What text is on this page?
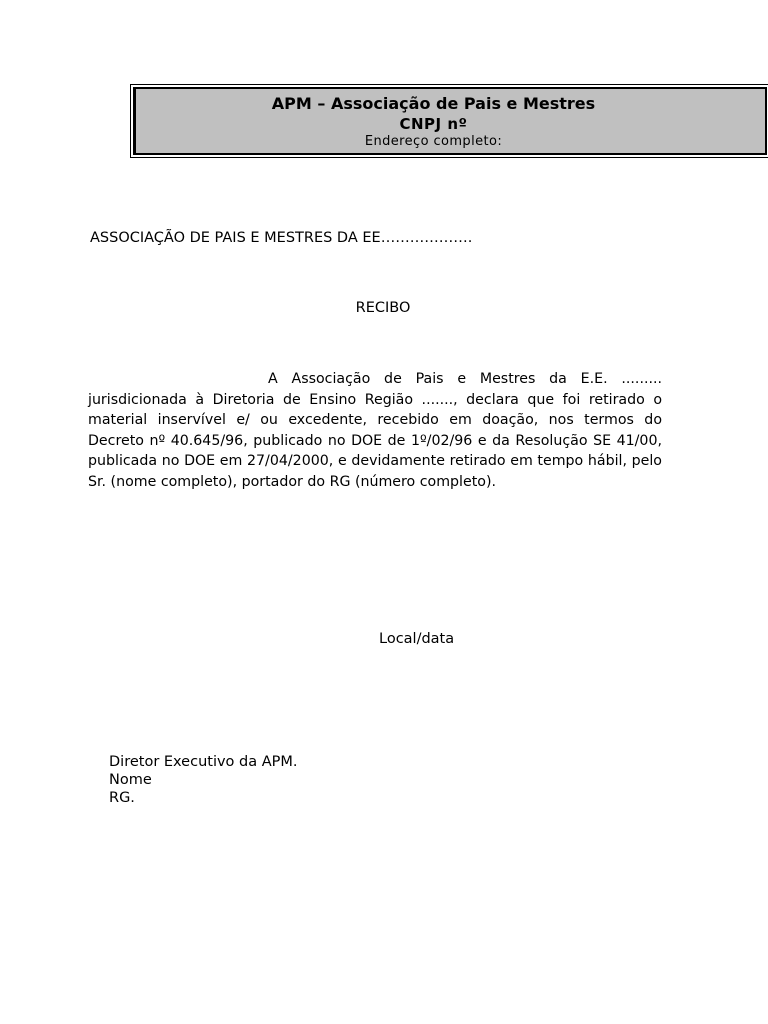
APM – Associação de Pais e Mestres
CNPJ nº
Endereço completo:
ASSOCIAÇÃO DE PAIS E MESTRES DA EE……………….
RECIBO
A Associação de Pais e Mestres da E.E. ......... jurisdicionada à Diretoria de Ensino Região ......., declara que foi retirado o material inservível e/ ou excedente, recebido em doação, nos termos do Decreto nº 40.645/96, publicado no DOE de 1º/02/96 e da Resolução SE 41/00, publicada no DOE em 27/04/2000, e devidamente retirado em tempo hábil, pelo Sr. (nome completo), portador do RG (número completo).
Local/data
Diretor Executivo da APM.
Nome
RG.
